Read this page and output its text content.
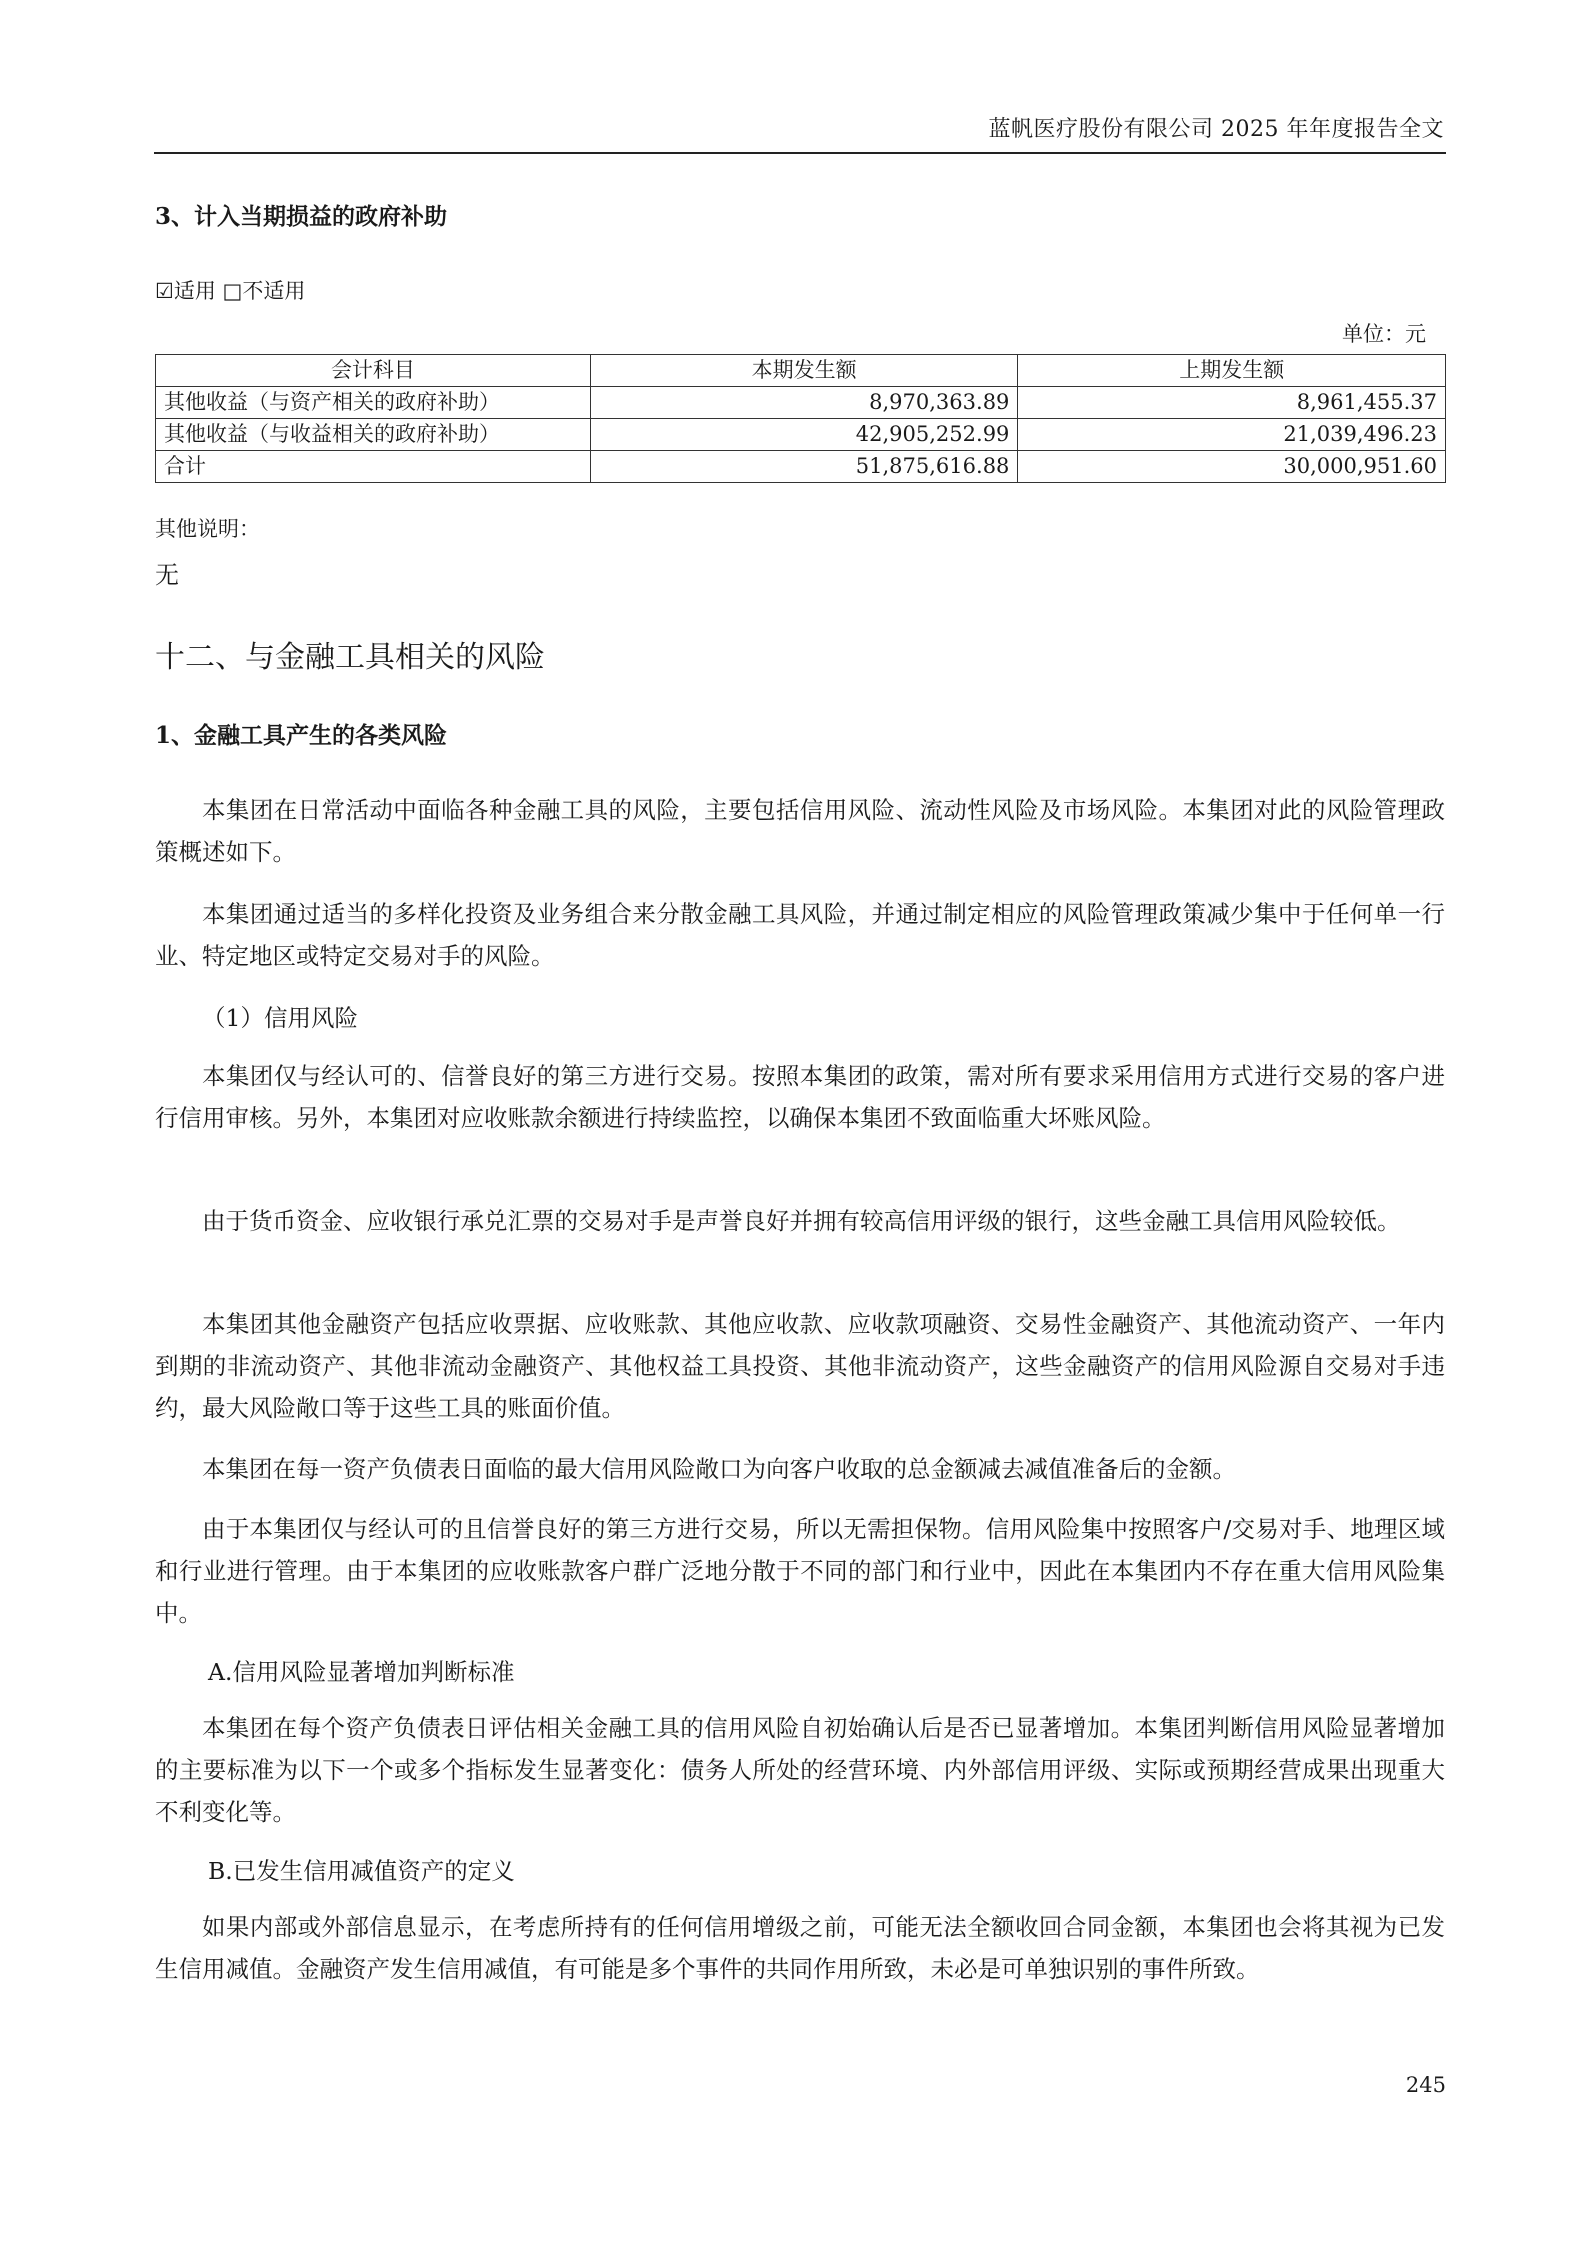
蓝帆医疗股份有限公司 2025 年年度报告全文
3、计入当期损益的政府补助
☑适用 □不适用
单位：元
会计科目	本期发生额	上期发生额
其他收益（与资产相关的政府补助）	8,970,363.89	8,961,455.37
其他收益（与收益相关的政府补助）	42,905,252.99	21,039,496.23
合计	51,875,616.88	30,000,951.60
其他说明：
无
十二、与金融工具相关的风险
1、金融工具产生的各类风险
本集团在日常活动中面临各种金融工具的风险，主要包括信用风险、流动性风险及市场风险。本集团对此的风险管理政策概述如下。
本集团通过适当的多样化投资及业务组合来分散金融工具风险，并通过制定相应的风险管理政策减少集中于任何单一行业、特定地区或特定交易对手的风险。
（1）信用风险
本集团仅与经认可的、信誉良好的第三方进行交易。按照本集团的政策，需对所有要求采用信用方式进行交易的客户进行信用审核。另外，本集团对应收账款余额进行持续监控，以确保本集团不致面临重大坏账风险。
由于货币资金、应收银行承兑汇票的交易对手是声誉良好并拥有较高信用评级的银行，这些金融工具信用风险较低。
本集团其他金融资产包括应收票据、应收账款、其他应收款、应收款项融资、交易性金融资产、其他流动资产、一年内到期的非流动资产、其他非流动金融资产、其他权益工具投资、其他非流动资产，这些金融资产的信用风险源自交易对手违约，最大风险敞口等于这些工具的账面价值。
本集团在每一资产负债表日面临的最大信用风险敞口为向客户收取的总金额减去减值准备后的金额。
由于本集团仅与经认可的且信誉良好的第三方进行交易，所以无需担保物。信用风险集中按照客户/交易对手、地理区域和行业进行管理。由于本集团的应收账款客户群广泛地分散于不同的部门和行业中，因此在本集团内不存在重大信用风险集中。
A.信用风险显著增加判断标准
本集团在每个资产负债表日评估相关金融工具的信用风险自初始确认后是否已显著增加。本集团判断信用风险显著增加的主要标准为以下一个或多个指标发生显著变化：债务人所处的经营环境、内外部信用评级、实际或预期经营成果出现重大不利变化等。
B.已发生信用减值资产的定义
如果内部或外部信息显示，在考虑所持有的任何信用增级之前，可能无法全额收回合同金额，本集团也会将其视为已发生信用减值。金融资产发生信用减值，有可能是多个事件的共同作用所致，未必是可单独识别的事件所致。
245
